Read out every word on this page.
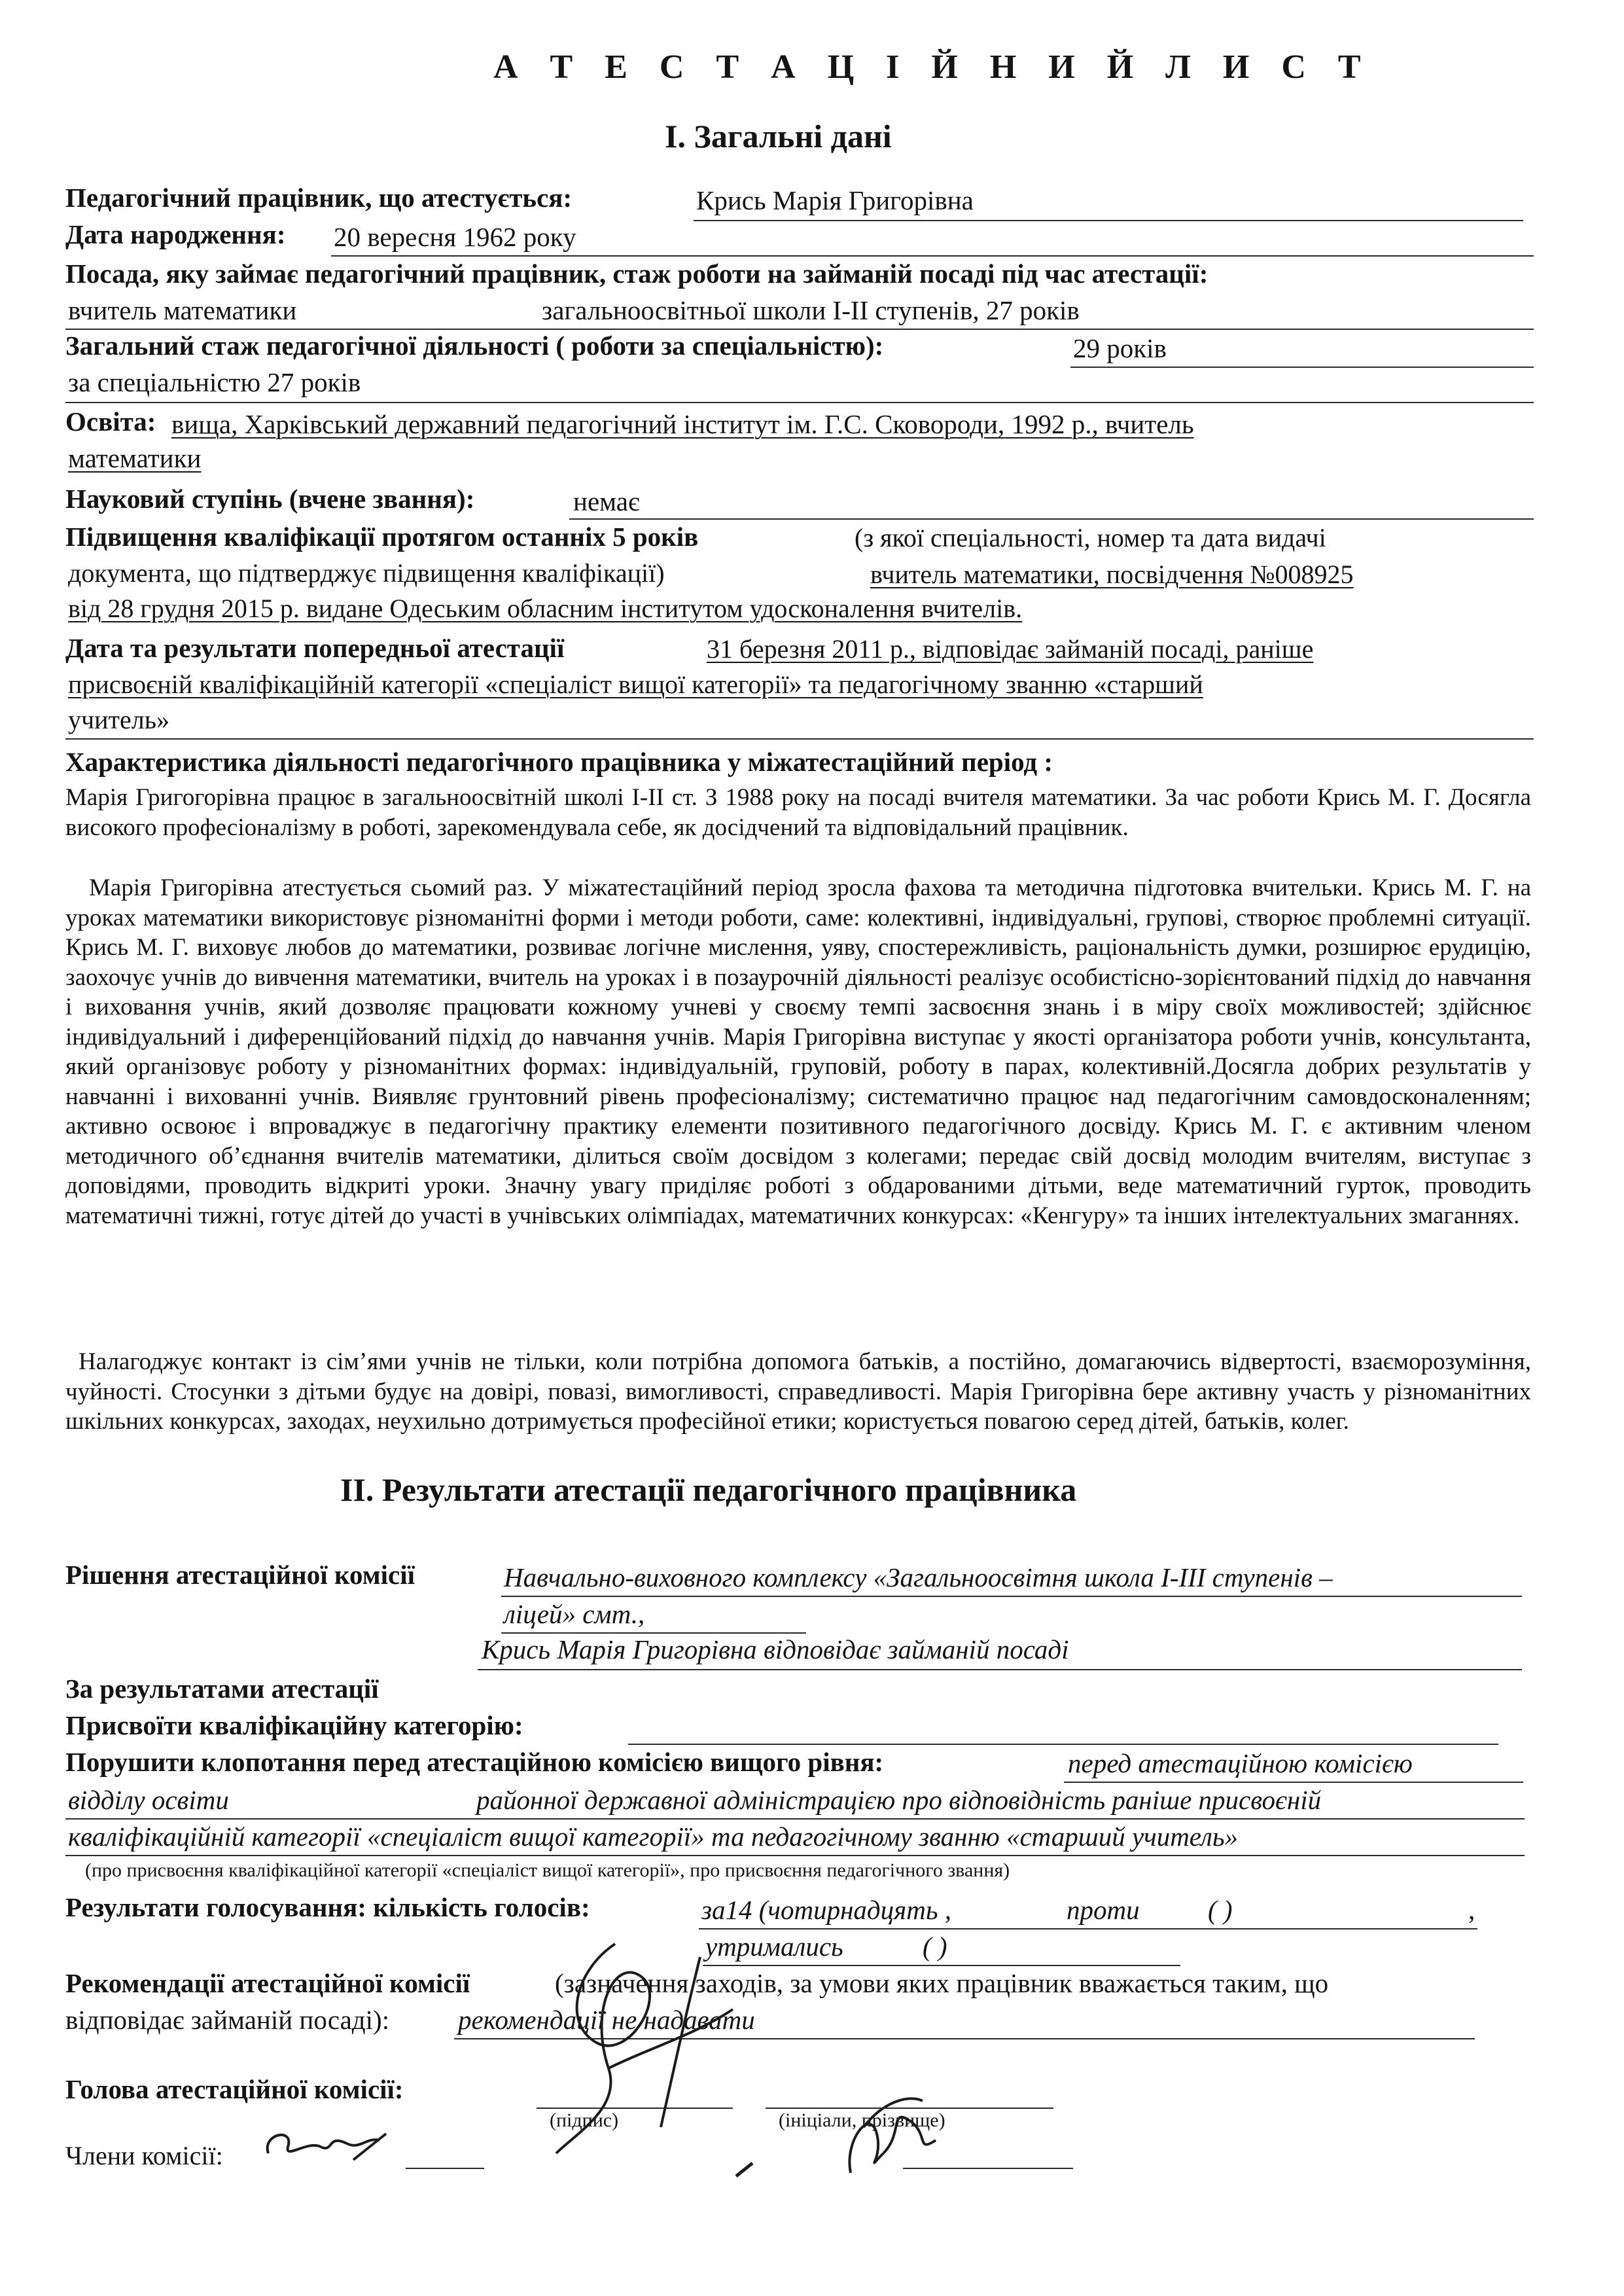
А Т Е С Т А Ц І Й Н И Й Л И С Т
І. Загальні дані
Педагогічний працівник, що атестується:	Крись Марія Григорівна
Дата народження: 20 вересня 1962 року
Посада, яку займає педагогічний працівник, стаж роботи на займаній посаді під час атестації:
вчитель математики	загальноосвітньої школи І-ІІ ступенів, 27 років
Загальний стаж педагогічної діяльності ( роботи за спеціальністю):	29 років
за спеціальністю 27 років
Освіта: вища, Харківський державний педагогічний інститут ім. Г.С. Сковороди, 1992 р., вчитель
математики
Науковий ступінь (вчене звання):	немає
Підвищення кваліфікації протягом останніх 5 років	(з якої спеціальності, номер та дата видачі
документа, що підтверджує підвищення кваліфікації)	вчитель математики, посвідчення №008925
від 28 грудня 2015 р. видане Одеським обласним інститутом удосконалення вчителів.
Дата та результати попередньої атестації	31 березня 2011 р., відповідає займаній посаді, раніше
присвоєній кваліфікаційній категорії «спеціаліст вищої категорії» та педагогічному званню «старший
учитель»
Характеристика діяльності педагогічного працівника у міжатестаційний період :

Марія Григогорівна працює в загальноосвітній школі І-ІІ ст. З 1988 року на посаді вчителя математики. За час роботи Крись М. Г. Досягла високого професіоналізму в роботі, зарекомендувала себе, як досідчений та відповідальний працівник.

Марія Григорівна атестується сьомий раз. У міжатестаційний період зросла фахова та методична підготовка вчительки. Крись М. Г. на уроках математики використовує різноманітні форми і методи роботи, саме: колективні, індивідуальні, групові, створює проблемні ситуації. Крись М. Г. виховує любов до математики, розвиває логічне мислення, уяву, спостережливість, раціональність думки, розширює ерудицію, заохочує учнів до вивчення математики, вчитель на уроках і в позаурочній діяльності реалізує особистісно-зорієнтований підхід до навчання і виховання учнів, який дозволяє працювати кожному учневі у своєму темпі засвоєння знань і в міру своїх можливостей; здійснює індивідуальний і диференційований підхід до навчання учнів. Марія Григорівна виступає у якості організатора роботи учнів, консультанта, який організовує роботу у різноманітних формах: індивідуальній, груповій, роботу в парах, колективній.Досягла добрих результатів у навчанні і вихованні учнів. Виявляє грунтовний рівень професіоналізму; систематично працює над педагогічним самовдосконаленням; активно освоює і впроваджує в педагогічну практику елементи позитивного педагогічного досвіду. Крись М. Г. є активним членом методичного об’єднання вчителів математики, ділиться своїм досвідом з колегами; передає свій досвід молодим вчителям, виступає з доповідями, проводить відкриті уроки. Значну увагу приділяє роботі з обдарованими дітьми, веде математичний гурток, проводить математичні тижні, готує дітей до участі в учнівських олімпіадах, математичних конкурсах: «Кенгуру» та інших інтелектуальних змаганнях.

Налагоджує контакт із сім’ями учнів не тільки, коли потрібна допомога батьків, а постійно, домагаючись відвертості, взаєморозуміння, чуйності. Стосунки з дітьми будує на довірі, повазі, вимогливості, справедливості. Марія Григорівна бере активну участь у різноманітних шкільних конкурсах, заходах, неухильно дотримується професійної етики; користується повагою серед дітей, батьків, колег.

ІІ. Результати атестації педагогічного працівника
Рішення атестаційної комісії	Навчально-виховного комплексу «Загальноосвітня школа І-ІІІ ступенів –
ліцей» смт.,
Крись Марія Григорівна відповідає займаній посаді
За результатами атестації
Присвоїти кваліфікаційну категорію:
Порушити клопотання перед атестаційною комісією вищого рівня:	перед атестаційною комісією
відділу освіти	районної державної адміністрацією про відповідність раніше присвоєній
кваліфікаційній категорії «спеціаліст вищої категорії» та педагогічному званню «старший учитель»
(про присвоєння кваліфікаційної категорії «спеціаліст вищої категорії», про присвоєння педагогічного звання)
Результати голосування: кількість голосів:	за14 (чотирнадцять ,	проти	( )	,
утримались	( )
Рекомендації атестаційної комісії	(зазначення заходів, за умови яких працівник вважається таким, що
відповідає займаній посаді):	рекомендації не надавати
Голова атестаційної комісії:
(підпис)	(ініціали, прізвище)
Члени комісії:
